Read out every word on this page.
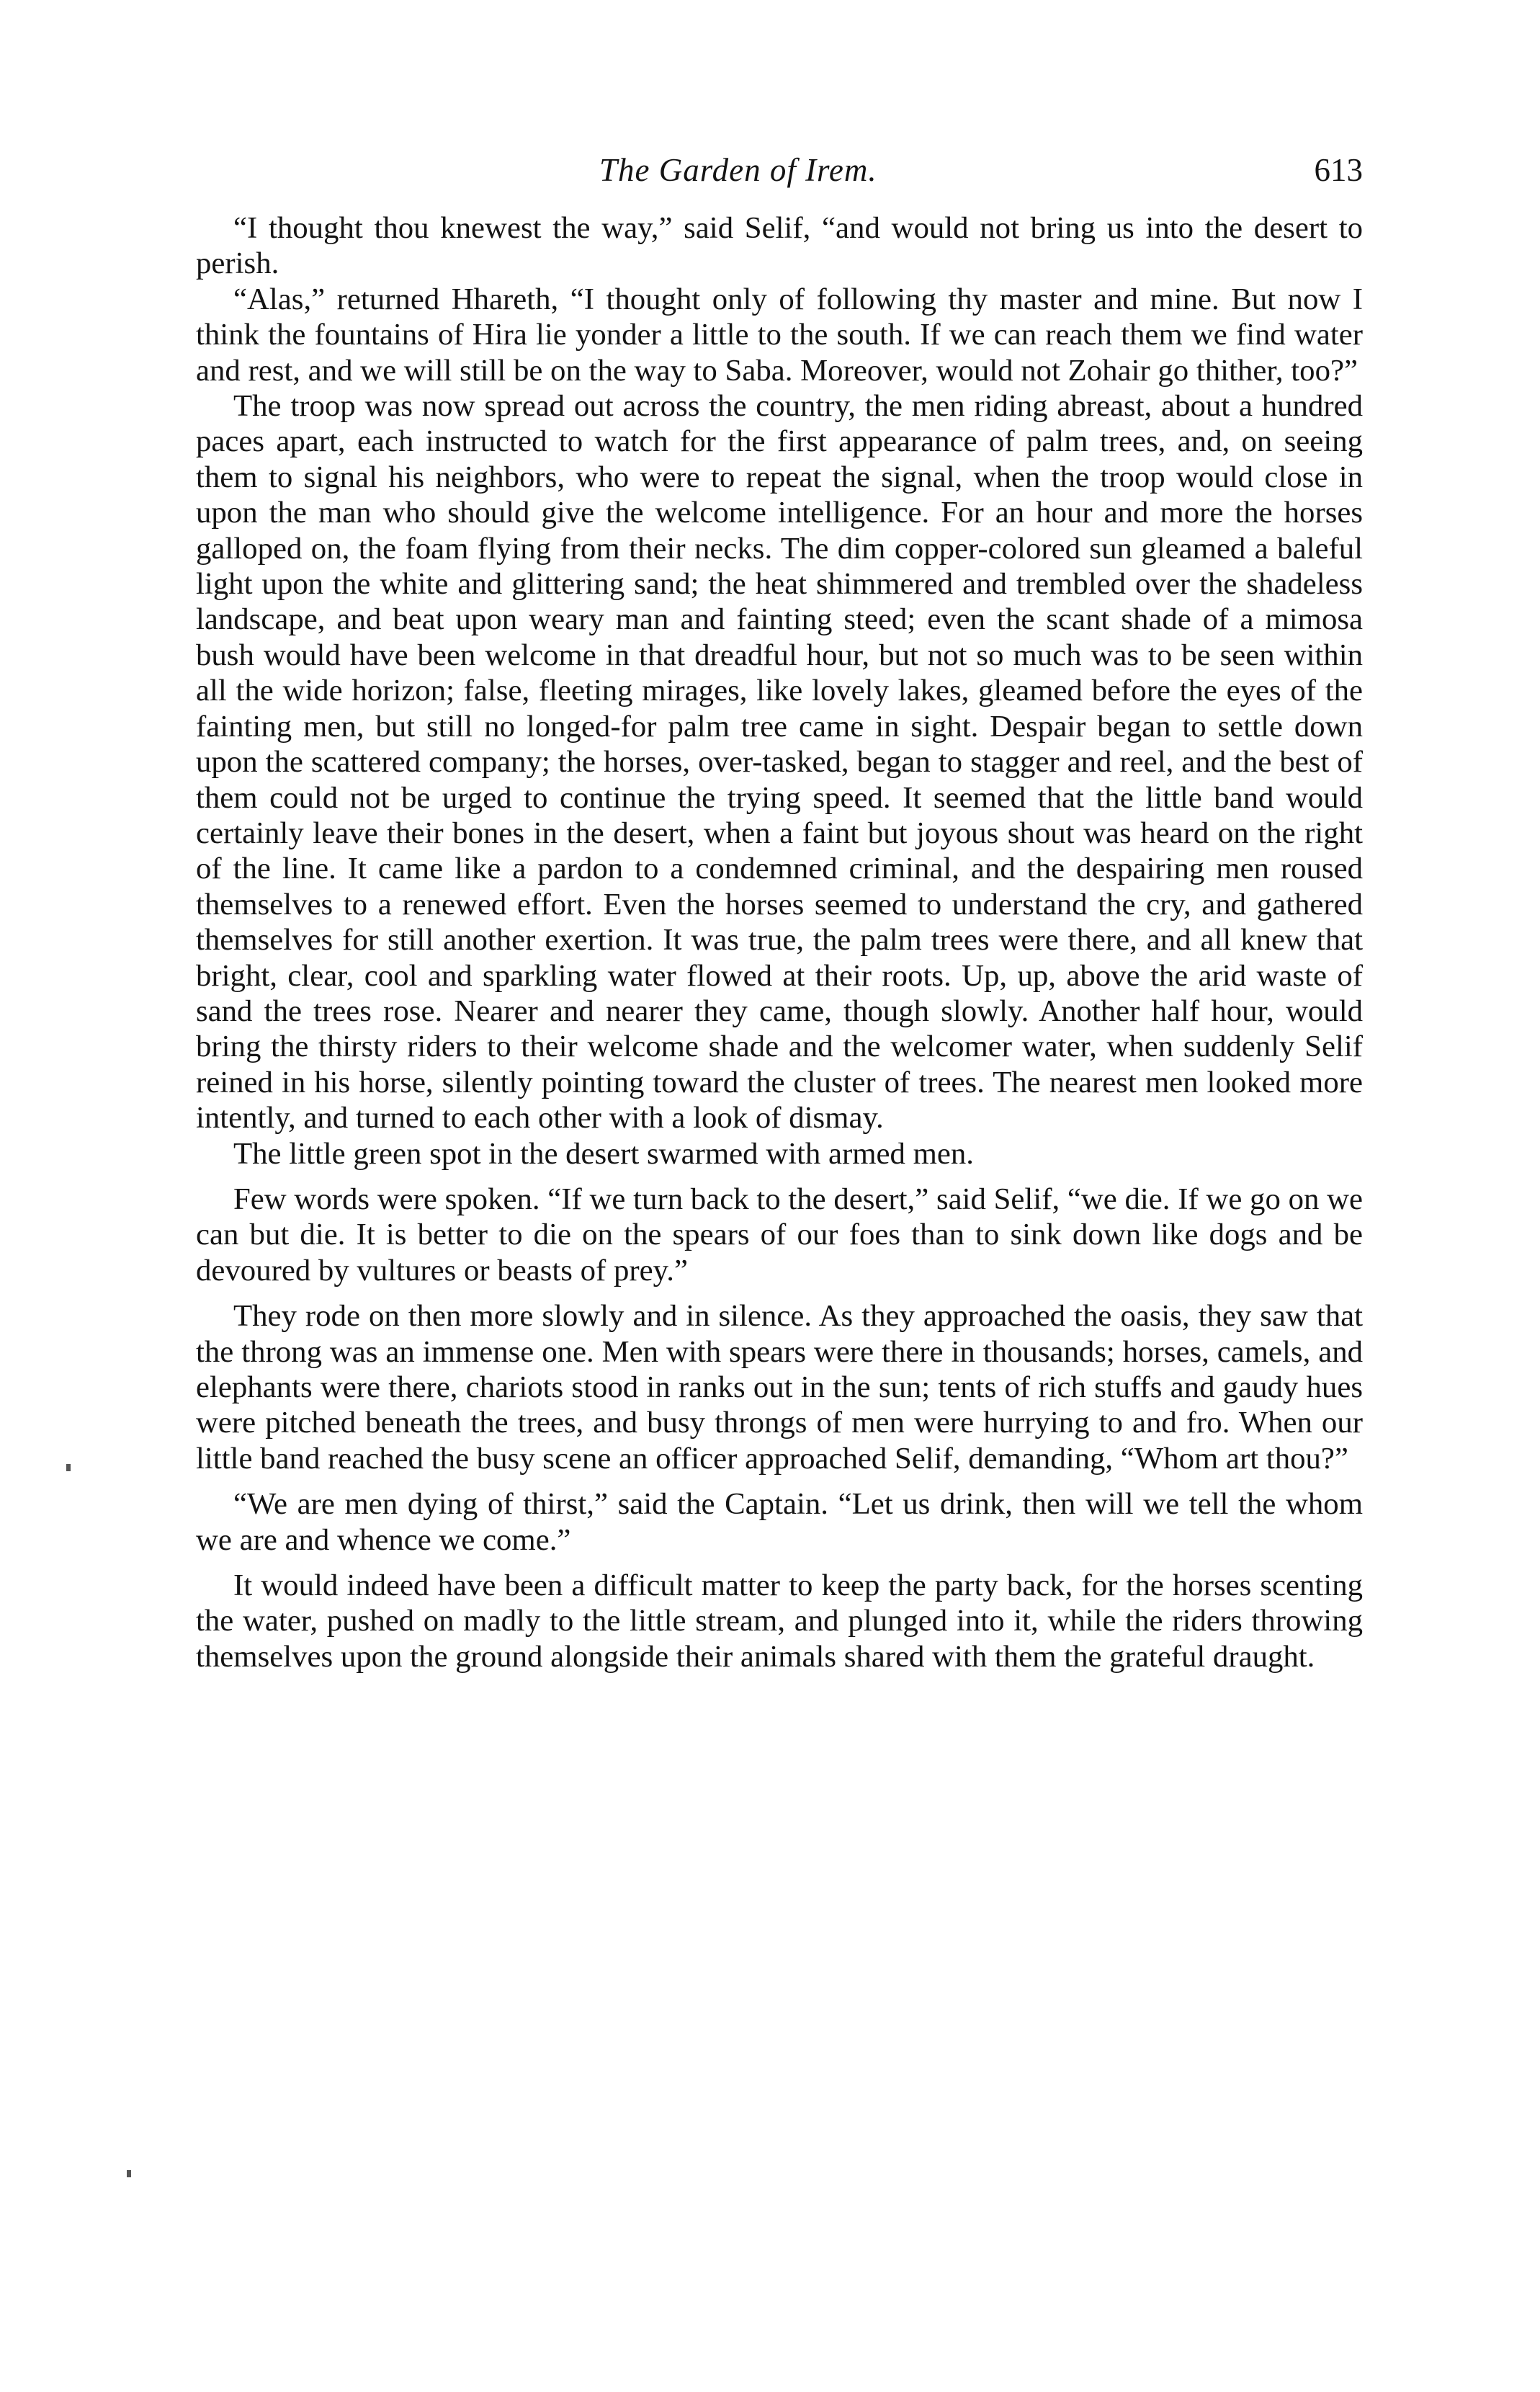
The Garden of Irem.	613

“I thought thou knewest the way,” said Selif, “and would not bring us into the desert to perish.

“Alas,” returned Hhareth, “I thought only of following thy master and mine. But now I think the fountains of Hira lie yonder a little to the south. If we can reach them we find water and rest, and we will still be on the way to Saba. Moreover, would not Zohair go thither, too?”

The troop was now spread out across the country, the men riding abreast, about a hundred paces apart, each instructed to watch for the first appearance of palm trees, and, on seeing them to signal his neighbors, who were to repeat the signal, when the troop would close in upon the man who should give the welcome intelligence. For an hour and more the horses galloped on, the foam flying from their necks. The dim copper-colored sun gleamed a baleful light upon the white and glittering sand; the heat shimmered and trembled over the shadeless landscape, and beat upon weary man and fainting steed; even the scant shade of a mimosa bush would have been welcome in that dreadful hour, but not so much was to be seen within all the wide horizon; false, fleeting mirages, like lovely lakes, gleamed before the eyes of the fainting men, but still no longed-for palm tree came in sight. Despair began to settle down upon the scattered company; the horses, over-tasked, began to stagger and reel, and the best of them could not be urged to continue the trying speed. It seemed that the little band would certainly leave their bones in the desert, when a faint but joyous shout was heard on the right of the line. It came like a pardon to a condemned criminal, and the despairing men roused themselves to a renewed effort. Even the horses seemed to understand the cry, and gathered themselves for still another exertion. It was true, the palm trees were there, and all knew that bright, clear, cool and sparkling water flowed at their roots. Up, up, above the arid waste of sand the trees rose. Nearer and nearer they came, though slowly. Another half hour, would bring the thirsty riders to their welcome shade and the welcomer water, when suddenly Selif reined in his horse, silently pointing toward the cluster of trees. The nearest men looked more intently, and turned to each other with a look of dismay.

The little green spot in the desert swarmed with armed men.

Few words were spoken. “If we turn back to the desert,” said Selif, “we die. If we go on we can but die. It is better to die on the spears of our foes than to sink down like dogs and be devoured by vultures or beasts of prey.”

They rode on then more slowly and in silence. As they approached the oasis, they saw that the throng was an immense one. Men with spears were there in thousands; horses, camels, and elephants were there, chariots stood in ranks out in the sun; tents of rich stuffs and gaudy hues were pitched beneath the trees, and busy throngs of men were hurrying to and fro. When our little band reached the busy scene an officer approached Selif, demanding, “Whom art thou?”

“We are men dying of thirst,” said the Captain. “Let us drink, then will we tell the whom we are and whence we come.”

It would indeed have been a difficult matter to keep the party back, for the horses scenting the water, pushed on madly to the little stream, and plunged into it, while the riders throwing themselves upon the ground alongside their animals shared with them the grateful draught.
